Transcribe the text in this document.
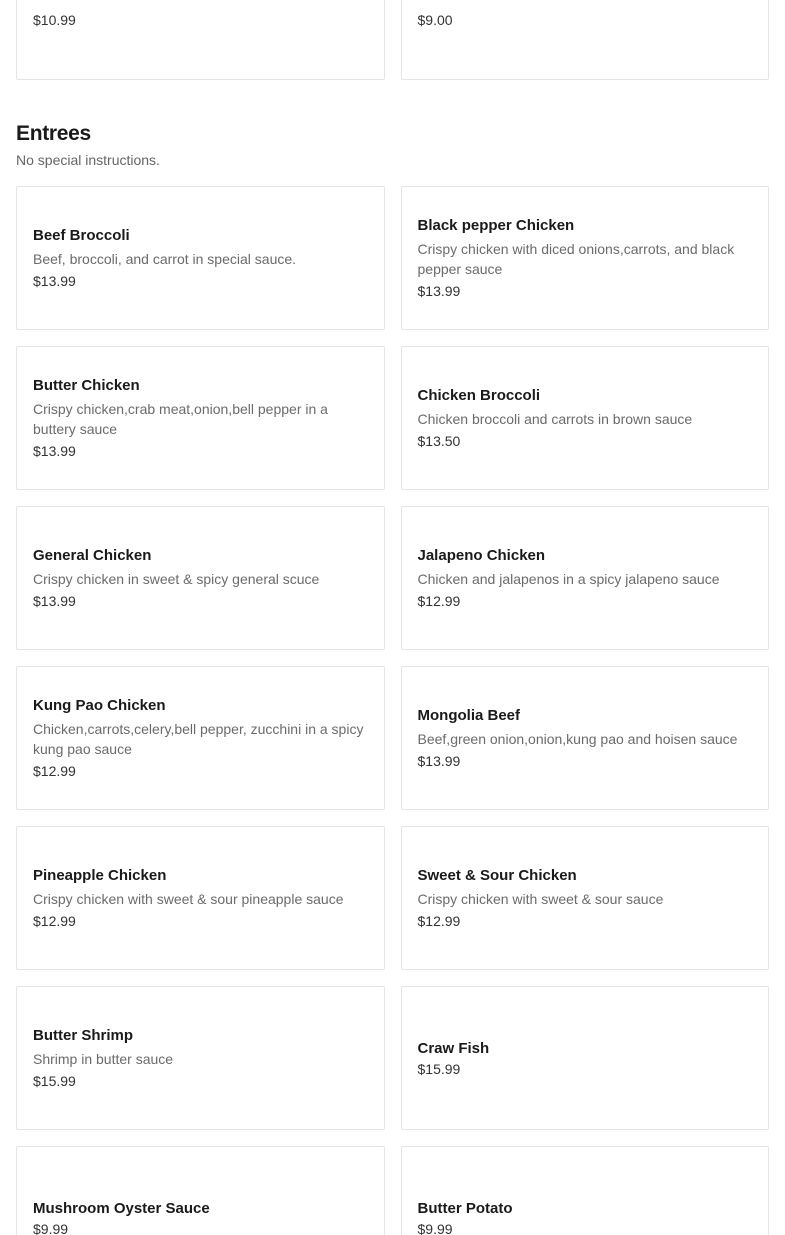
$10.99	$9.00
Entrees
No special instructions.
Beef Broccoli
Beef, broccoli, and carrot in special sauce.
$13.99
Black pepper Chicken
Crispy chicken with diced onions,carrots, and black pepper sauce
$13.99
Butter Chicken
Crispy chicken,crab meat,onion,bell pepper in a buttery sauce
$13.99
Chicken Broccoli
Chicken broccoli and carrots in brown sauce
$13.50
General Chicken
Crispy chicken in sweet & spicy general scuce
$13.99
Jalapeno Chicken
Chicken and jalapenos in a spicy jalapeno sauce
$12.99
Kung Pao Chicken
Chicken,carrots,celery,bell pepper, zucchini in a spicy kung pao sauce
$12.99
Mongolia Beef
Beef,green onion,onion,kung pao and hoisen sauce
$13.99
Pineapple Chicken
Crispy chicken with sweet & sour pineapple sauce
$12.99
Sweet & Sour Chicken
Crispy chicken with sweet & sour sauce
$12.99
Butter Shrimp
Shrimp in butter sauce
$15.99
Craw Fish
$15.99
Mushroom Oyster Sauce
$9.99
Butter Potato
$9.99
